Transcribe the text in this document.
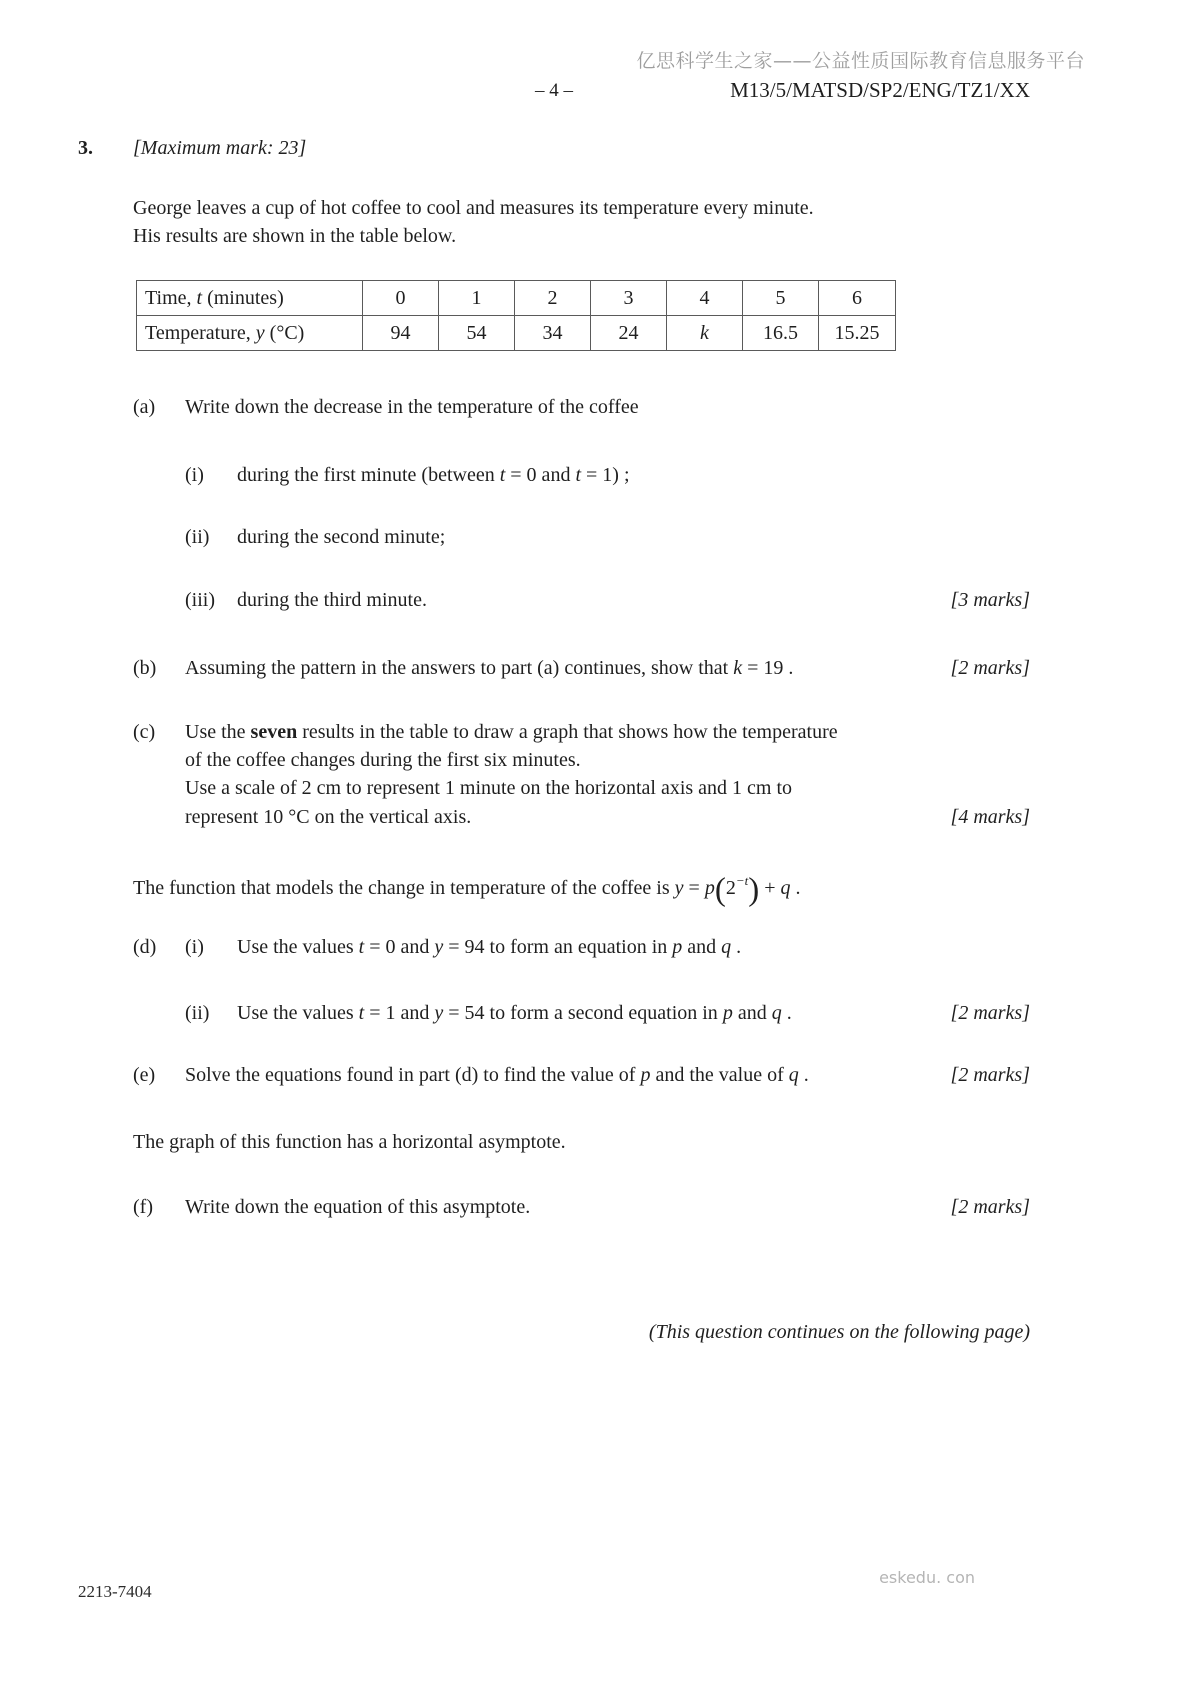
亿思科学生之家——公益性质国际教育信息服务平台
– 4 –	M13/5/MATSD/SP2/ENG/TZ1/XX
3. [Maximum mark: 23]
George leaves a cup of hot coffee to cool and measures its temperature every minute.
His results are shown in the table below.
Time, t (minutes)	0	1	2	3	4	5	6
Temperature, y (°C)	94	54	34	24	k	16.5	15.25
(a) Write down the decrease in the temperature of the coffee
(i) during the first minute (between t = 0 and t = 1) ;
(ii) during the second minute;
(iii) during the third minute.	[3 marks]
(b) Assuming the pattern in the answers to part (a) continues, show that k = 19 .	[2 marks]
(c) Use the seven results in the table to draw a graph that shows how the temperature
of the coffee changes during the first six minutes.
Use a scale of 2 cm to represent 1 minute on the horizontal axis and 1 cm to
represent 10 °C on the vertical axis.	[4 marks]
The function that models the change in temperature of the coffee is $y = p(2^{-t}) + q$ .
(d) (i) Use the values t = 0 and y = 94 to form an equation in p and q .
(ii) Use the values t = 1 and y = 54 to form a second equation in p and q .	[2 marks]
(e) Solve the equations found in part (d) to find the value of p and the value of q .	[2 marks]
The graph of this function has a horizontal asymptote.
(f) Write down the equation of this asymptote.	[2 marks]
(This question continues on the following page)
2213-7404
eskedu. con
